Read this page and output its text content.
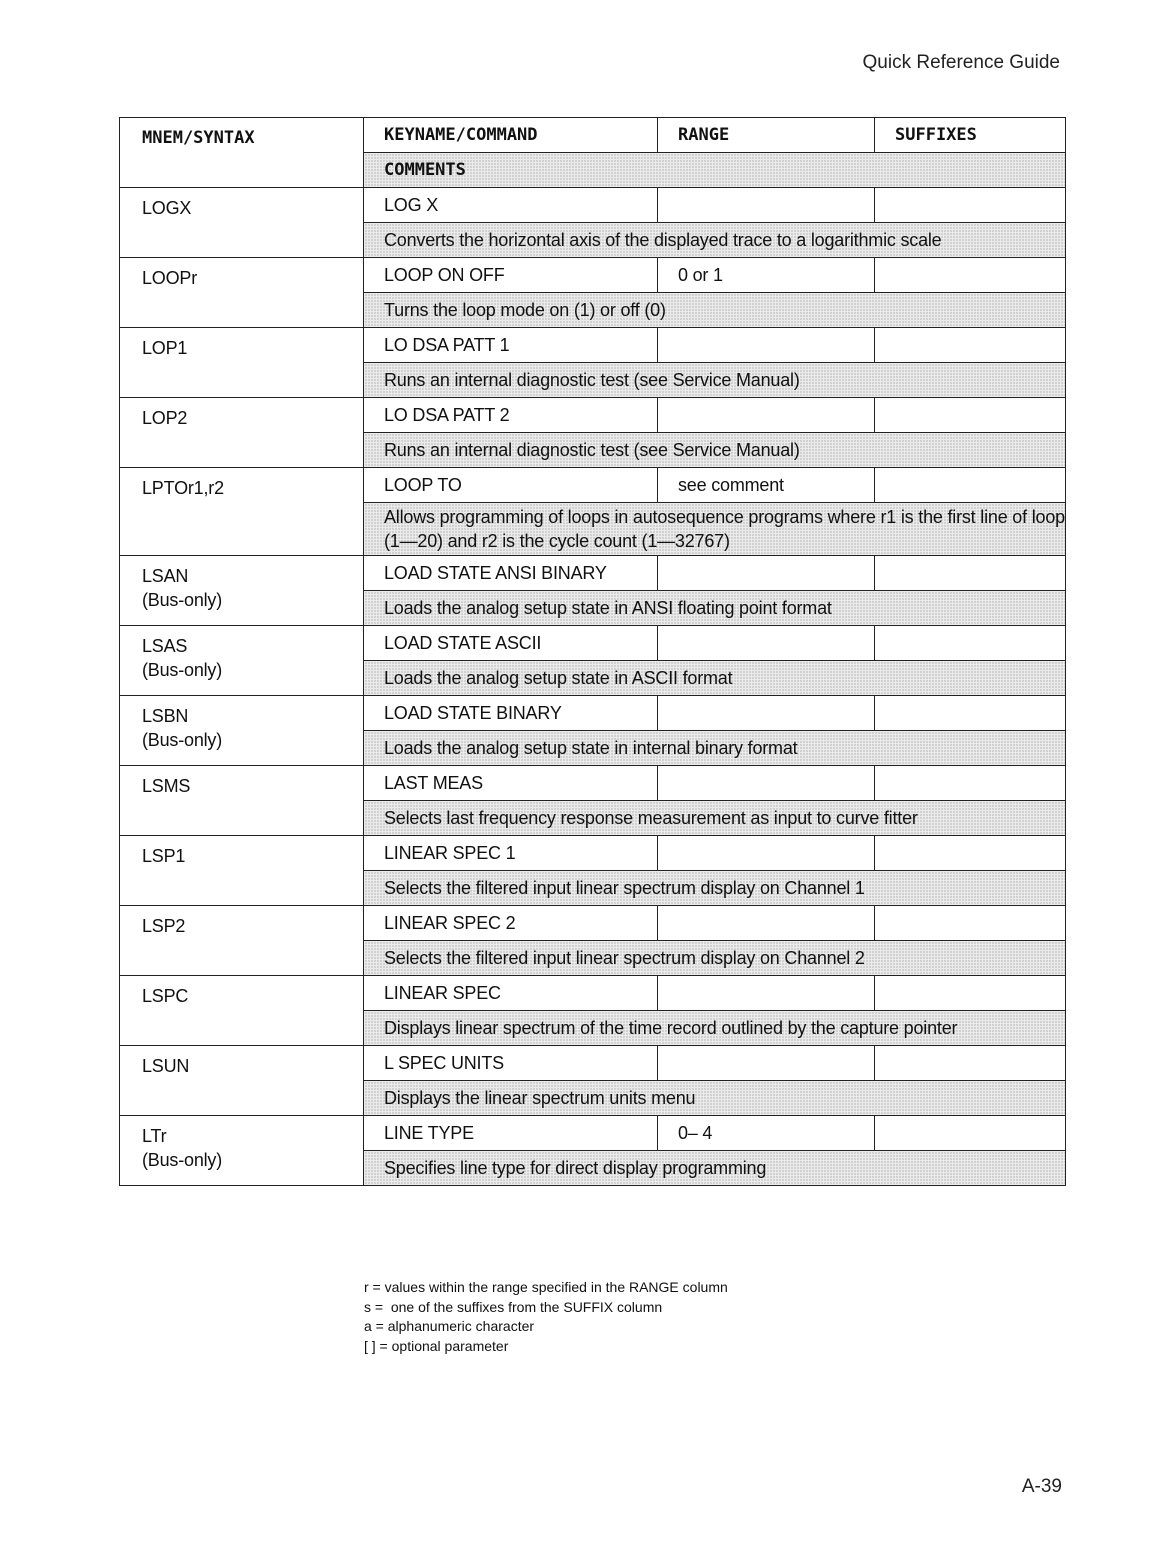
Quick Reference Guide
MNEM/SYNTAX	KEYNAME/COMMAND	RANGE	SUFFIXES
	COMMENTS		

LOGX	LOG X		
	Converts the horizontal axis of the displayed trace to a logarithmic scale		

LOOPr	LOOP ON OFF	0 or 1	
	Turns the loop mode on (1) or off (0)		

LOP1	LO DSA PATT 1		
	Runs an internal diagnostic test (see Service Manual)		

LOP2	LO DSA PATT 2		
	Runs an internal diagnostic test (see Service Manual)		

LPTOr1,r2	LOOP TO	see comment	

	Allows programming of loops in autosequence programs where r1 is the first line of loop
(1—20) and r2 is the cycle count (1—32767)		

LSAN
(Bus-only)	LOAD STATE ANSI BINARY		
	Loads the analog setup state in ANSI floating point format		

LSAS
(Bus-only)	LOAD STATE ASCII		
	Loads the analog setup state in ASCII format		

LSBN
(Bus-only)	LOAD STATE BINARY		
	Loads the analog setup state in internal binary format		

LSMS	LAST MEAS		
	Selects last frequency response measurement as input to curve fitter		

LSP1	LINEAR SPEC 1		
	Selects the filtered input linear spectrum display on Channel 1		

LSP2	LINEAR SPEC 2		
	Selects the filtered input linear spectrum display on Channel 2		

LSPC	LINEAR SPEC		
	Displays linear spectrum of the time record outlined by the capture pointer		

LSUN	L SPEC UNITS		
	Displays the linear spectrum units menu		

LTr
(Bus-only)	LINE TYPE	0– 4	
	Specifies line type for direct display programming		
r = values within the range specified in the RANGE column
s =  one of the suffixes from the SUFFIX column
a = alphanumeric character
[ ] = optional parameter
A-39
